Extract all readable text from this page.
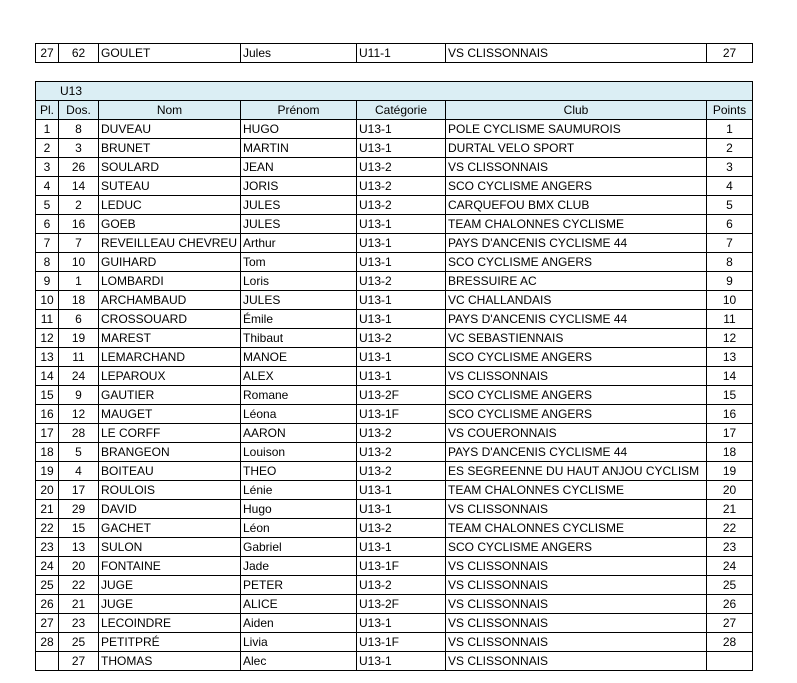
27	62	GOULET	Jules	U11-1	VS CLISSONNAIS	27
U13						
Pl.	Dos.	Nom	Prénom	Catégorie	Club	Points
1	8	DUVEAU	HUGO	U13-1	POLE CYCLISME SAUMUROIS	1
2	3	BRUNET	MARTIN	U13-1	DURTAL VELO SPORT	2
3	26	SOULARD	JEAN	U13-2	VS CLISSONNAIS	3
4	14	SUTEAU	JORIS	U13-2	SCO CYCLISME ANGERS	4
5	2	LEDUC	JULES	U13-2	CARQUEFOU BMX CLUB	5
6	16	GOEB	JULES	U13-1	TEAM CHALONNES CYCLISME	6
7	7	REVEILLEAU CHEVREU	Arthur	U13-1	PAYS D'ANCENIS CYCLISME 44	7
8	10	GUIHARD	Tom	U13-1	SCO CYCLISME ANGERS	8
9	1	LOMBARDI	Loris	U13-2	BRESSUIRE AC	9
10	18	ARCHAMBAUD	JULES	U13-1	VC CHALLANDAIS	10
11	6	CROSSOUARD	Émile	U13-1	PAYS D'ANCENIS CYCLISME 44	11
12	19	MAREST	Thibaut	U13-2	VC SEBASTIENNAIS	12
13	11	LEMARCHAND	MANOE	U13-1	SCO CYCLISME ANGERS	13
14	24	LEPAROUX	ALEX	U13-1	VS CLISSONNAIS	14
15	9	GAUTIER	Romane	U13-2F	SCO CYCLISME ANGERS	15
16	12	MAUGET	Léona	U13-1F	SCO CYCLISME ANGERS	16
17	28	LE CORFF	AARON	U13-2	VS COUERONNAIS	17
18	5	BRANGEON	Louison	U13-2	PAYS D'ANCENIS CYCLISME 44	18
19	4	BOITEAU	THEO	U13-2	ES SEGREENNE DU HAUT ANJOU CYCLISM	19
20	17	ROULOIS	Lénie	U13-1	TEAM CHALONNES CYCLISME	20
21	29	DAVID	Hugo	U13-1	VS CLISSONNAIS	21
22	15	GACHET	Léon	U13-2	TEAM CHALONNES CYCLISME	22
23	13	SULON	Gabriel	U13-1	SCO CYCLISME ANGERS	23
24	20	FONTAINE	Jade	U13-1F	VS CLISSONNAIS	24
25	22	JUGE	PETER	U13-2	VS CLISSONNAIS	25
26	21	JUGE	ALICE	U13-2F	VS CLISSONNAIS	26
27	23	LECOINDRE	Aiden	U13-1	VS CLISSONNAIS	27
28	25	PETITPRÉ	Livia	U13-1F	VS CLISSONNAIS	28
	27	THOMAS	Alec	U13-1	VS CLISSONNAIS	
